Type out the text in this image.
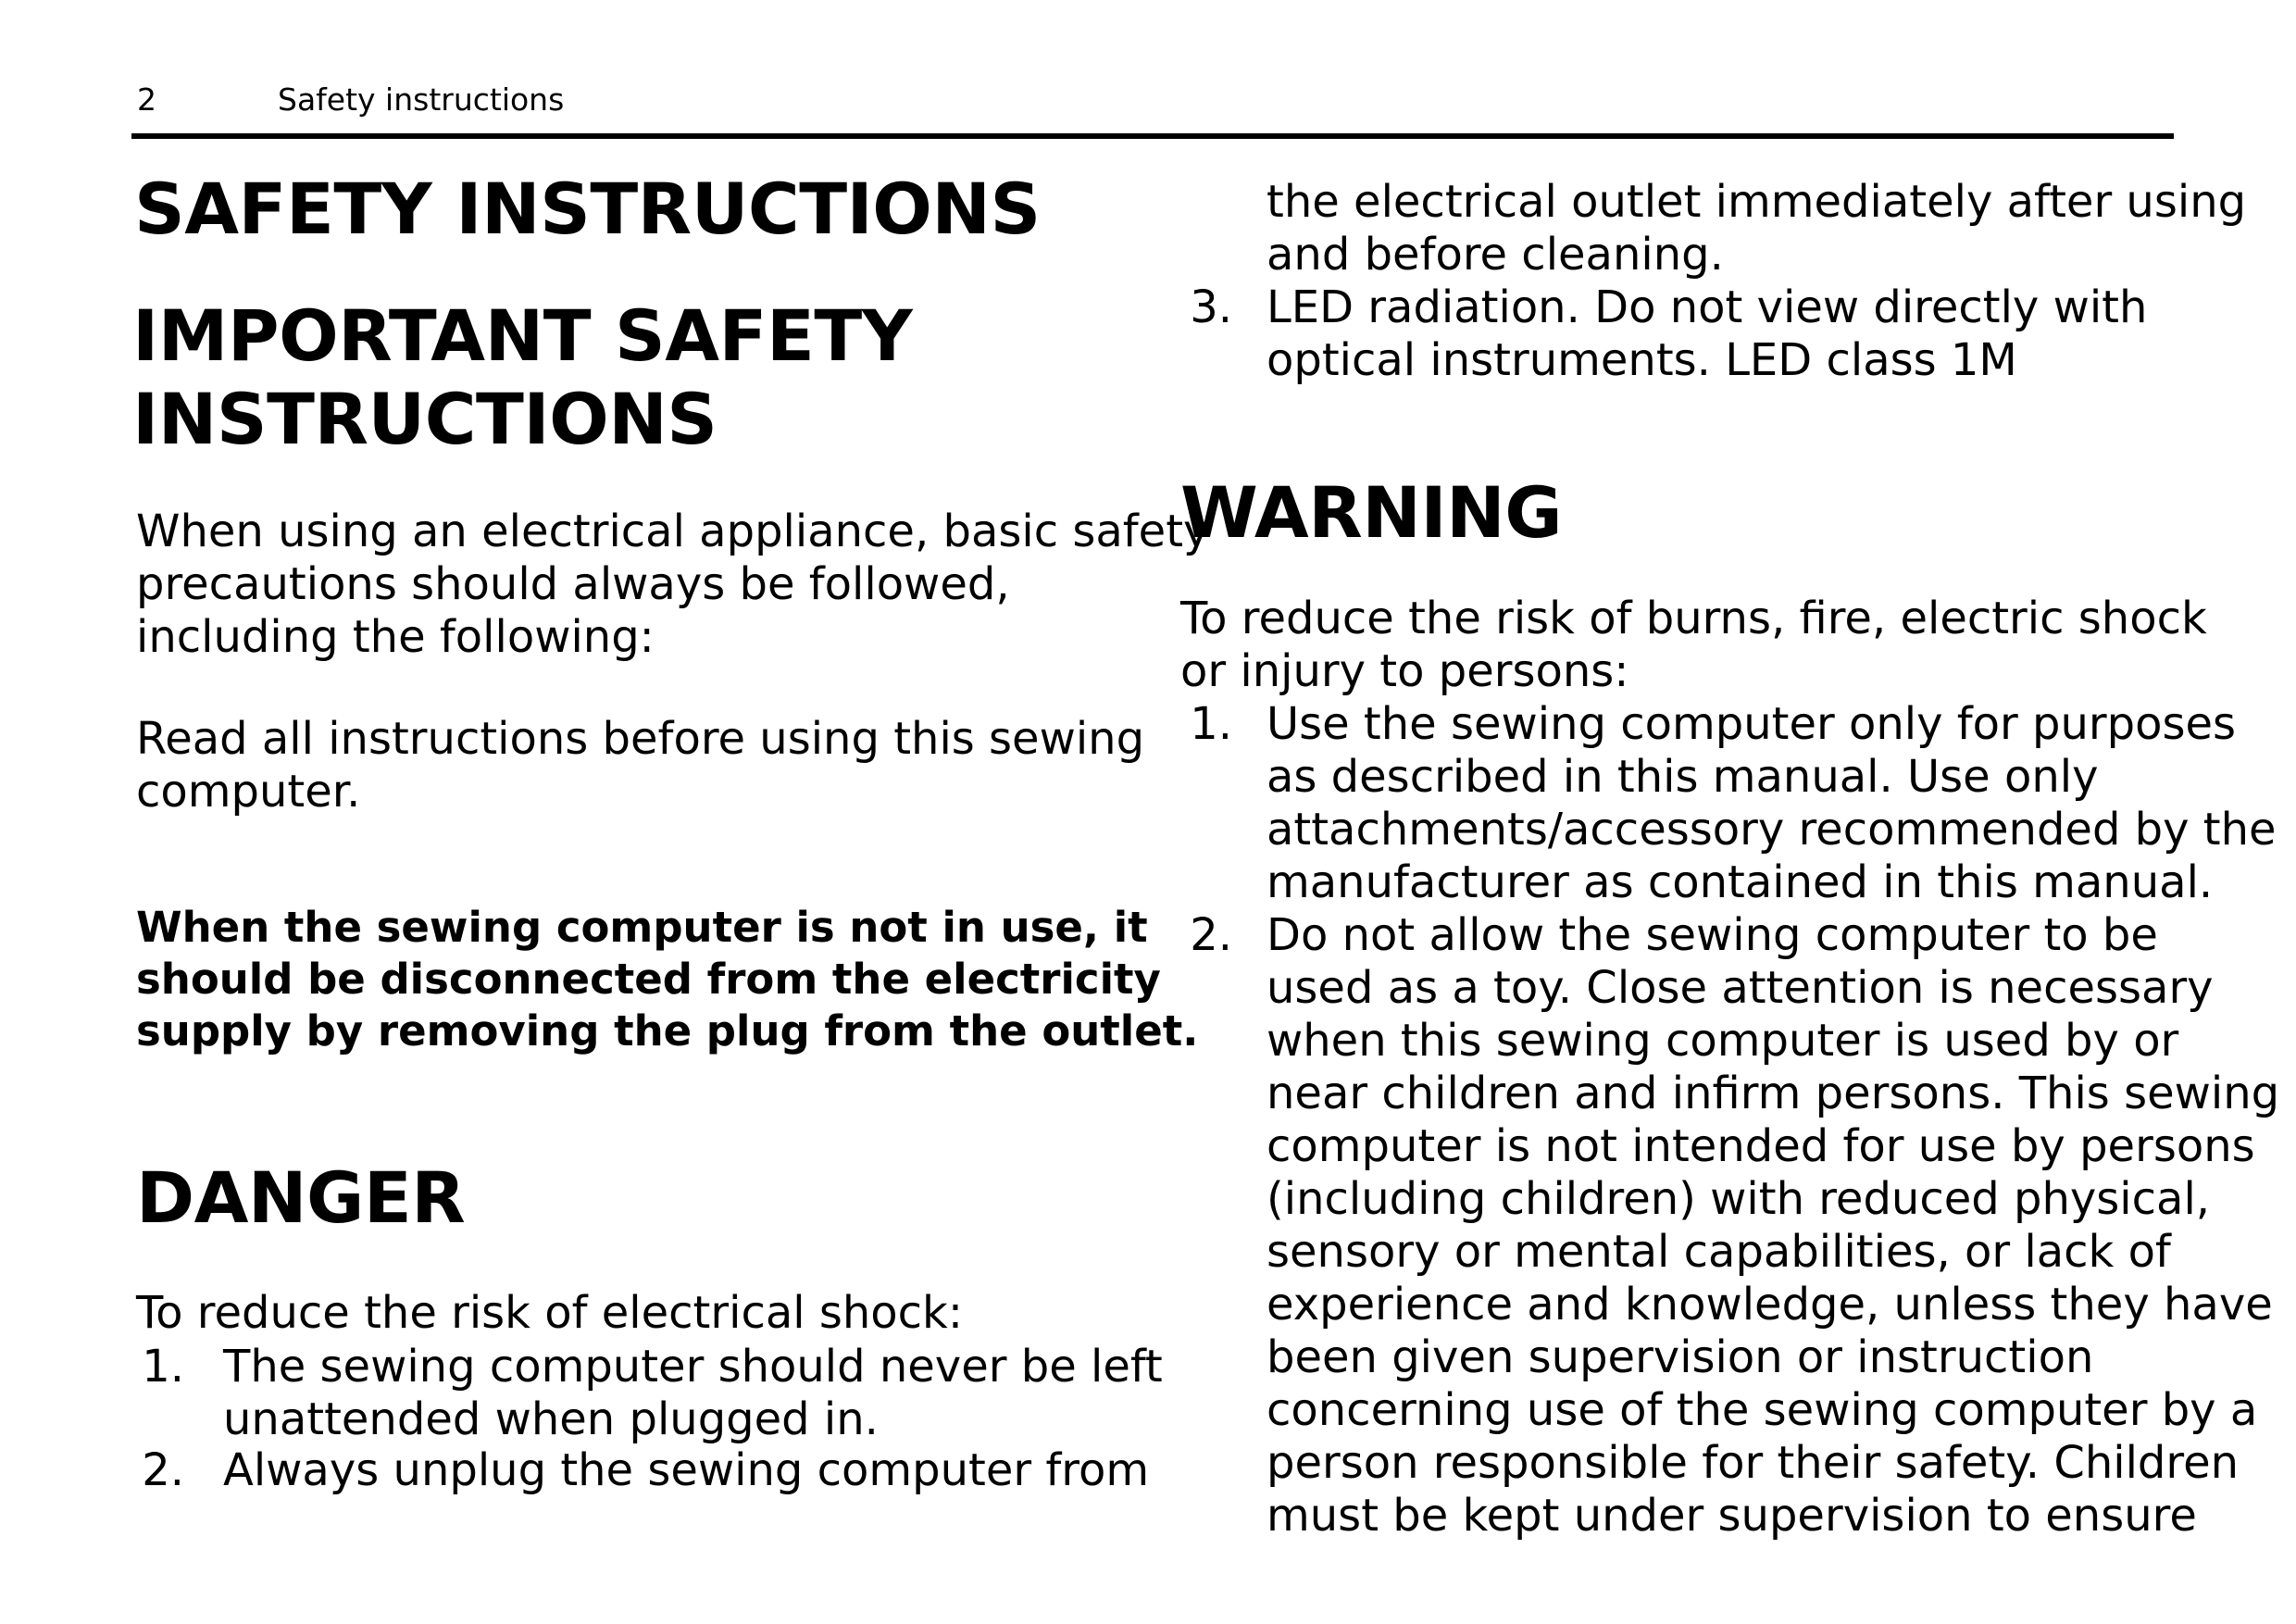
2	Safety instructions
SAFETY INSTRUCTIONS
IMPORTANT SAFETY
INSTRUCTIONS
When using an electrical appliance, basic safety
precautions should always be followed,
including the following:
Read all instructions before using this sewing
computer.
When the sewing computer is not in use, it
should be disconnected from the electricity
supply by removing the plug from the outlet.
DANGER
To reduce the risk of electrical shock:
1. The sewing computer should never be left
unattended when plugged in.
2. Always unplug the sewing computer from
the electrical outlet immediately after using
and before cleaning.
3. LED radiation. Do not view directly with
optical instruments. LED class 1M
WARNING
To reduce the risk of burns, fire, electric shock
or injury to persons:
1. Use the sewing computer only for purposes
as described in this manual. Use only
attachments/accessory recommended by the
manufacturer as contained in this manual.
2. Do not allow the sewing computer to be
used as a toy. Close attention is necessary
when this sewing computer is used by or
near children and infirm persons. This sewing
computer is not intended for use by persons
(including children) with reduced physical,
sensory or mental capabilities, or lack of
experience and knowledge, unless they have
been given supervision or instruction
concerning use of the sewing computer by a
person responsible for their safety. Children
must be kept under supervision to ensure
